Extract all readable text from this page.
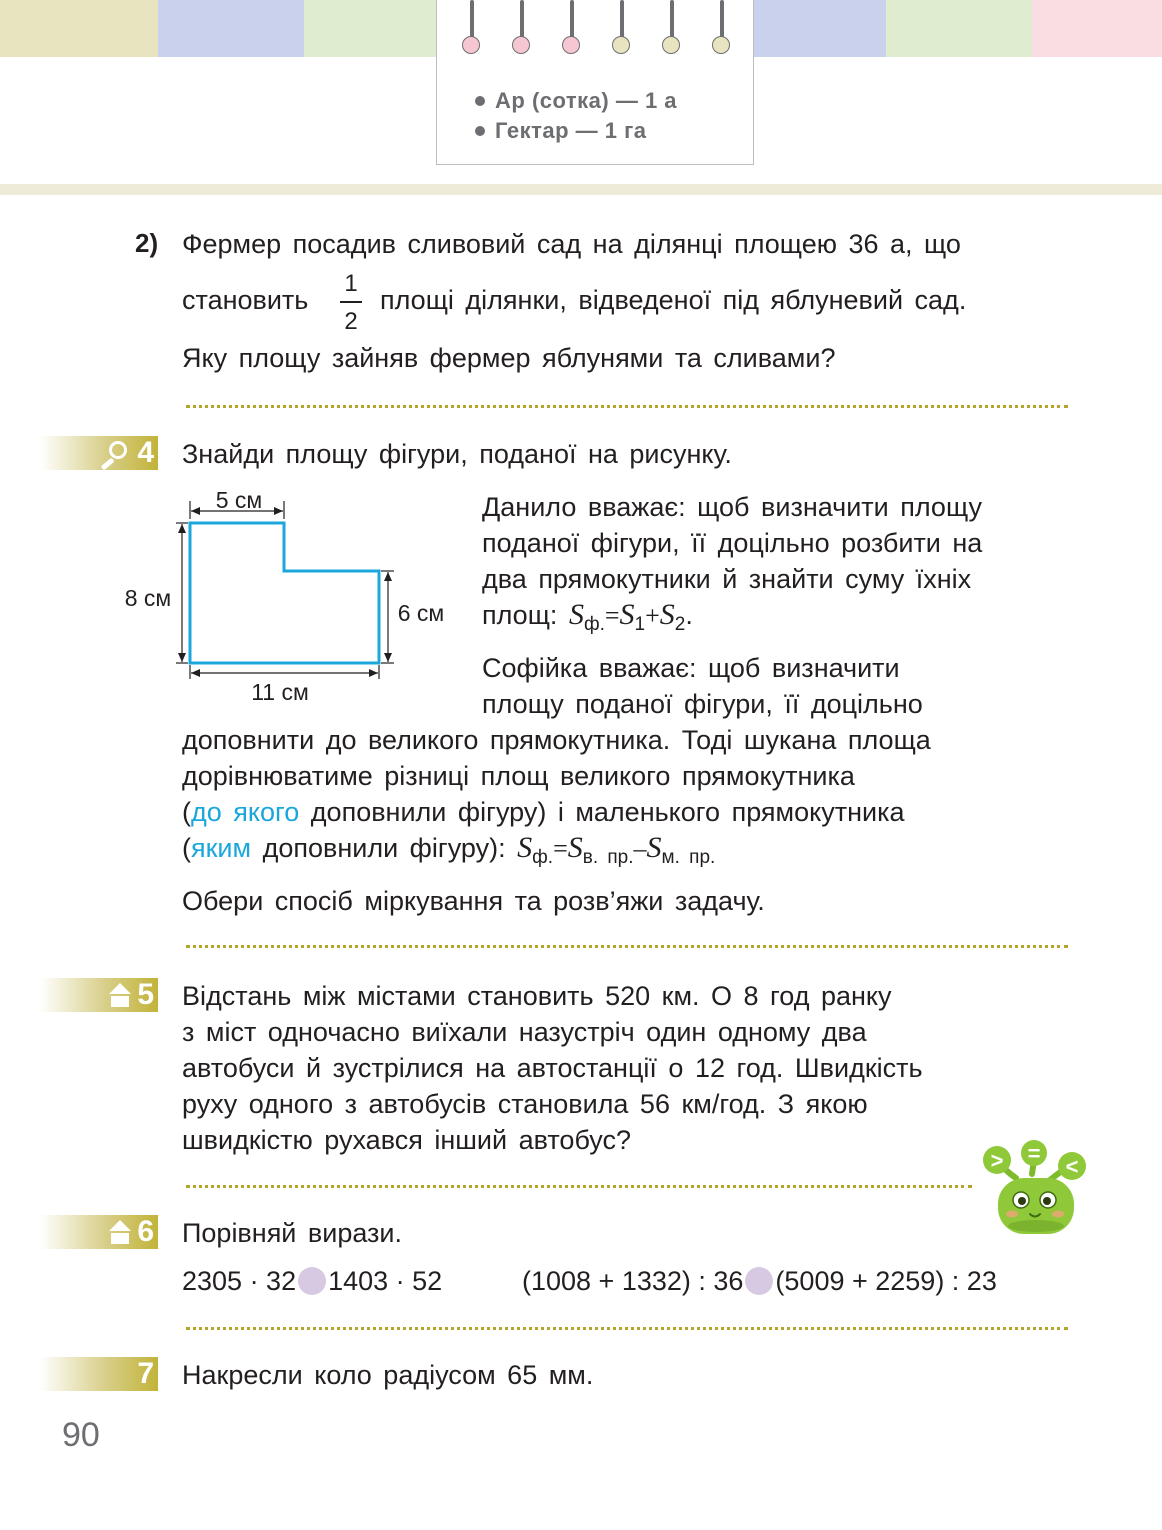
Ар (сотка) — 1 а
Гектар — 1 га
2) Фермер посадив сливовий сад на ділянці площею 36 а, що
становить
1
2
площі ділянки, відведеної під яблуневий сад.
Яку площу зайняв фермер яблунями та сливами?
4 Знайди площу фігури, поданої на рисунку.
5 см
8 см
6 см
11 см
Данило вважає: щоб визначити площу
поданої фігури, її доцільно розбити на
два прямокутники й знайти суму їхніх
площ: $S_{ф.}=S_1+S_2$.
Софійка вважає: щоб визначити
площу поданої фігури, її доцільно
доповнити до великого прямокутника. Тоді шукана площа
дорівнюватиме різниці площ великого прямокутника
(до якого доповнили фігуру) і маленького прямокутника
(яким доповнили фігуру): $S_{ф.}=S_{в. пр.}-S_{м. пр.}$
Обери спосіб міркування та розв’яжи задачу.
5 Відстань між містами становить 520 км. О 8 год ранку
з міст одночасно виїхали назустріч один одному два
автобуси й зустрілися на автостанції о 12 год. Швидкість
руху одного з автобусів становила 56 км/год. З якою
швидкістю рухався інший автобус?
> =
<
6 Порівняй вирази.
2305 · 32 1403 · 52	(1008 + 1332) : 36 (5009 + 2259) : 23
7 Накресли коло радіусом 65 мм.
90
